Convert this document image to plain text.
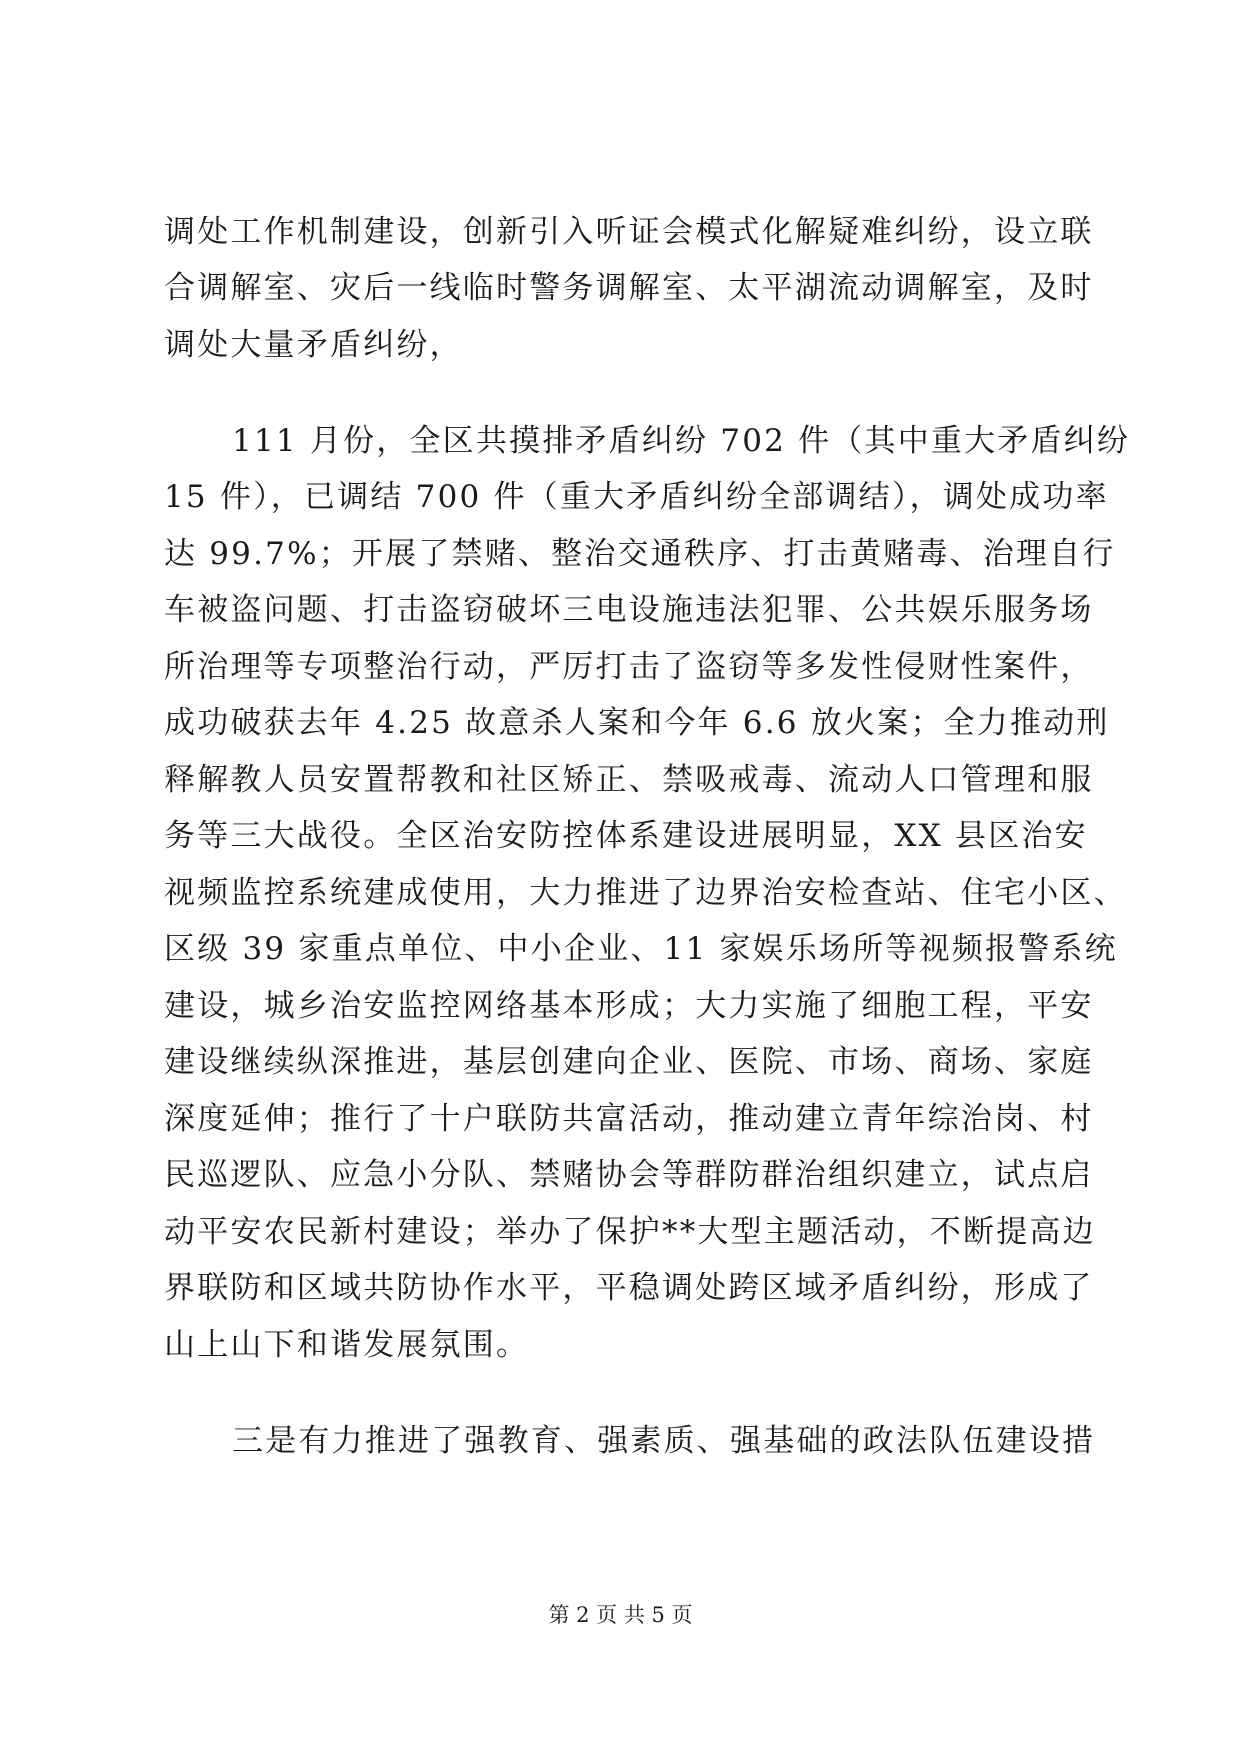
调处工作机制建设，创新引入听证会模式化解疑难纠纷，设立联
合调解室、灾后一线临时警务调解室、太平湖流动调解室，及时
调处大量矛盾纠纷，
111 月份，全区共摸排矛盾纠纷 702 件（其中重大矛盾纠纷
15 件），已调结 700 件（重大矛盾纠纷全部调结），调处成功率
达 99.7%；开展了禁赌、整治交通秩序、打击黄赌毒、治理自行
车被盗问题、打击盗窃破坏三电设施违法犯罪、公共娱乐服务场
所治理等专项整治行动，严厉打击了盗窃等多发性侵财性案件，
成功破获去年 4.25 故意杀人案和今年 6.6 放火案；全力推动刑
释解教人员安置帮教和社区矫正、禁吸戒毒、流动人口管理和服
务等三大战役。全区治安防控体系建设进展明显，XX 县区治安
视频监控系统建成使用，大力推进了边界治安检查站、住宅小区、
区级 39 家重点单位、中小企业、11 家娱乐场所等视频报警系统
建设，城乡治安监控网络基本形成；大力实施了细胞工程，平安
建设继续纵深推进，基层创建向企业、医院、市场、商场、家庭
深度延伸；推行了十户联防共富活动，推动建立青年综治岗、村
民巡逻队、应急小分队、禁赌协会等群防群治组织建立，试点启
动平安农民新村建设；举办了保护**大型主题活动，不断提高边
界联防和区域共防协作水平，平稳调处跨区域矛盾纠纷，形成了
山上山下和谐发展氛围。
三是有力推进了强教育、强素质、强基础的政法队伍建设措
第 2 页 共 5 页
